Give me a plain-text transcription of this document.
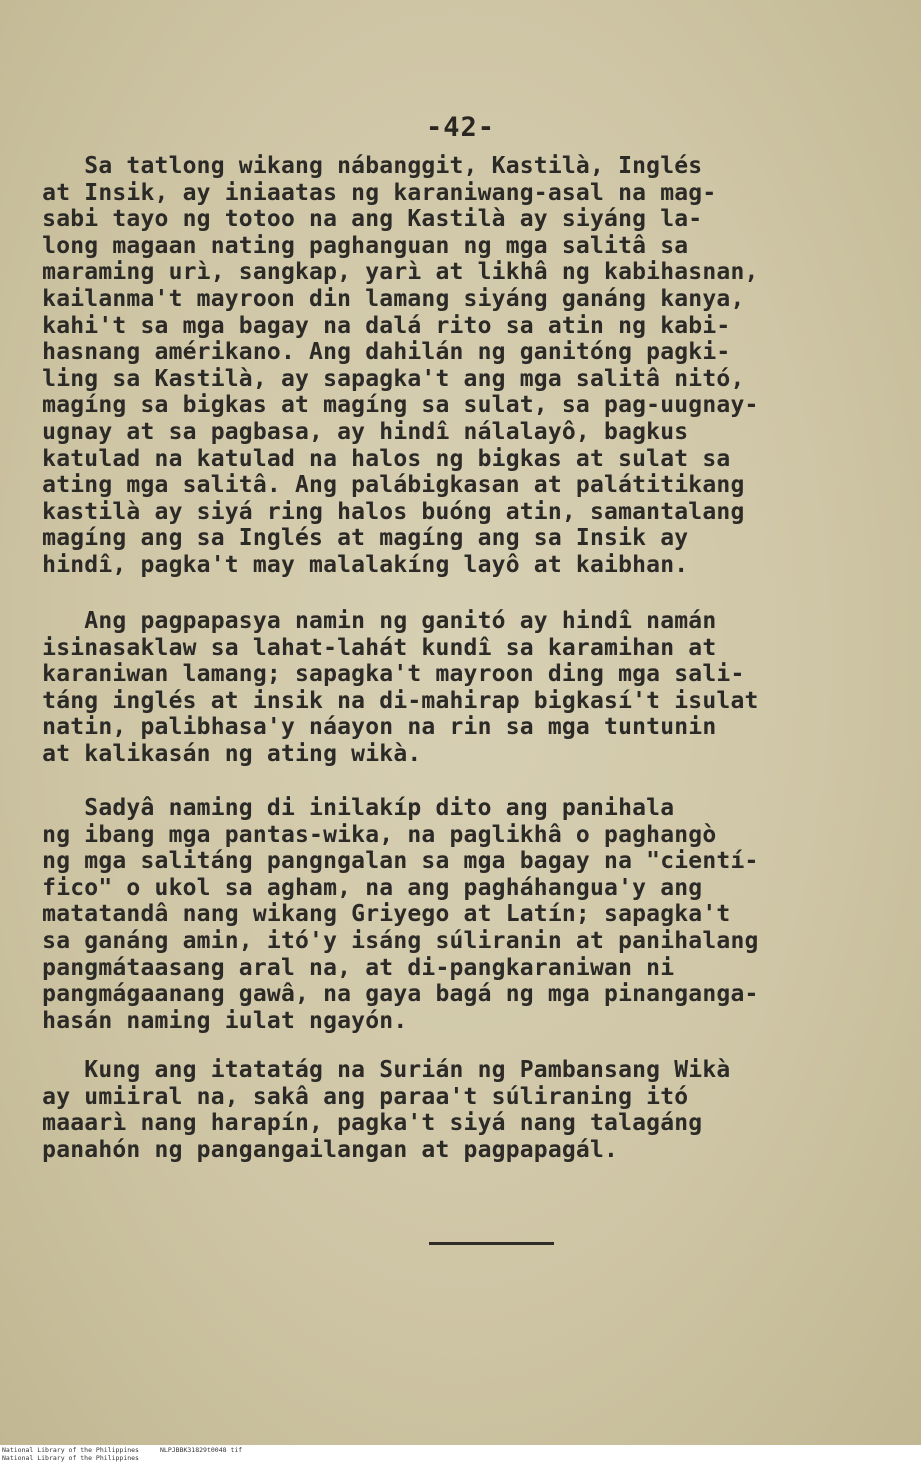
-42-
Sa tatlong wikang nábanggit, Kastilà, Inglés
at Insik, ay iniaatas ng karaniwang-asal na mag-
sabi tayo ng totoo na ang Kastilà ay siyáng la-
long magaan nating paghanguan ng mga salitâ sa
maraming urì, sangkap, yarì at likhâ ng kabihasnan,
kailanma't mayroon din lamang siyáng ganáng kanya,
kahi't sa mga bagay na dalá rito sa atin ng kabi-
hasnang amérikano. Ang dahilán ng ganitóng pagki-
ling sa Kastilà, ay sapagka't ang mga salitâ nitó,
magíng sa bigkas at magíng sa sulat, sa pag-uugnay-
ugnay at sa pagbasa, ay hindî nálalayô, bagkus
katulad na katulad na halos ng bigkas at sulat sa
ating mga salitâ. Ang palábigkasan at palátitikang
kastilà ay siyá ring halos buóng atin, samantalang
magíng ang sa Inglés at magíng ang sa Insik ay
hindî, pagka't may malalakíng layô at kaibhan.
Ang pagpapasya namin ng ganitó ay hindî namán
isinasaklaw sa lahat-lahát kundî sa karamihan at
karaniwan lamang; sapagka't mayroon ding mga sali-
táng inglés at insik na di-mahirap bigkasí't isulat
natin, palibhasa'y náayon na rin sa mga tuntunin
at kalikasán ng ating wikà.
Sadyâ naming di inilakíp dito ang panihala
ng ibang mga pantas-wika, na paglikhâ o paghangò
ng mga salitáng pangngalan sa mga bagay na "cientí-
fico" o ukol sa agham, na ang pagháhangua'y ang
matatandâ nang wikang Griyego at Latín; sapagka't
sa ganáng amin, itó'y isáng súliranin at panihalang
pangmátaasang aral na, at di-pangkaraniwan ni
pangmágaanang gawâ, na gaya bagá ng mga pinanganga-
hasán naming iulat ngayón.
Kung ang itatatág na Surián ng Pambansang Wikà
ay umiiral na, sakâ ang paraa't súliraning itó
maaarì nang harapín, pagka't siyá nang talagáng
panahón ng pangangailangan at pagpapagál.
National Library of the Philippines	NLPJBBK31829t0048 tif
National Library of the Philippines
